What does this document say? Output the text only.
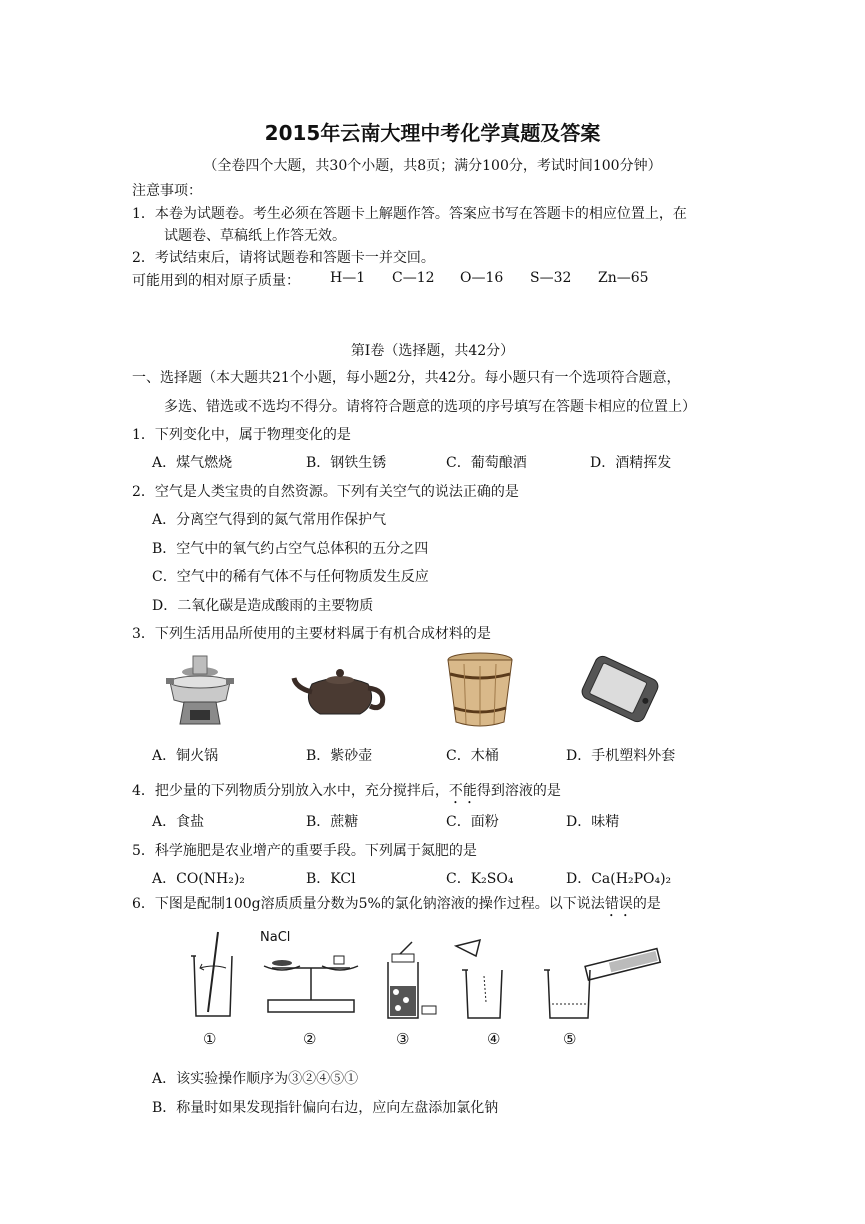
2015年云南大理中考化学真题及答案
（全卷四个大题，共30个小题，共8页；满分100分，考试时间100分钟）
注意事项：
1．本卷为试题卷。考生必须在答题卡上解题作答。答案应书写在答题卡的相应位置上，在
试题卷、草稿纸上作答无效。
2．考试结束后，请将试题卷和答题卡一并交回。
可能用到的相对原子质量： H—1 C—12 O—16 S—32 Zn—65
第Ⅰ卷（选择题，共42分）
一、选择题（本大题共21个小题，每小题2分，共42分。每小题只有一个选项符合题意，
多选、错选或不选均不得分。请将符合题意的选项的序号填写在答题卡相应的位置上）
1．下列变化中，属于物理变化的是
A．煤气燃烧	B．钢铁生锈	C．葡萄酿酒	D．酒精挥发
2．空气是人类宝贵的自然资源。下列有关空气的说法正确的是
A．分离空气得到的氮气常用作保护气
B．空气中的氧气约占空气总体积的五分之四
C．空气中的稀有气体不与任何物质发生反应
D．二氧化碳是造成酸雨的主要物质
3．下列生活用品所使用的主要材料属于有机合成材料的是
A．铜火锅	B．紫砂壶	C．木桶	D．手机塑料外套
4．把少量的下列物质分别放入水中，充分搅拌后，不能得到溶液的是
A．食盐	B．蔗糖	C．面粉	D．味精
5．科学施肥是农业增产的重要手段。下列属于氮肥的是
A．CO(NH₂)₂	B．KCl	C．K₂SO₄	D．Ca(H₂PO₄)₂
6．下图是配制100g溶质质量分数为5%的氯化钠溶液的操作过程。以下说法错误的是
NaCl
①	②	③	④	⑤
A．该实验操作顺序为③②④⑤①
B．称量时如果发现指针偏向右边，应向左盘添加氯化钠
